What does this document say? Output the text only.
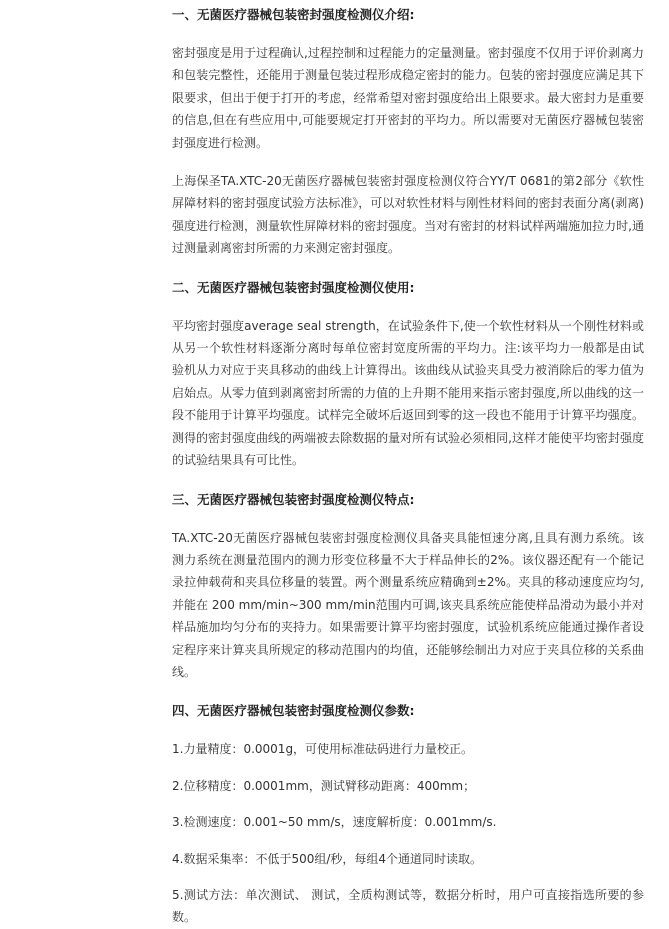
一、无菌医疗器械包装密封强度检测仪介绍:

密封强度是用于过程确认,过程控制和过程能力的定量测量。密封强度不仅用于评价剥离力和包装完整性，还能用于测量包装过程形成稳定密封的能力。包装的密封强度应满足其下限要求，但出于便于打开的考虑，经常希望对密封强度给出上限要求。最大密封力是重要的信息,但在有些应用中,可能要规定打开密封的平均力。所以需要对无菌医疗器械包装密封强度进行检测。

上海保圣TA.XTC-20无菌医疗器械包装密封强度检测仪符合YY/T 0681的第2部分《软性屏障材料的密封强度试验方法标准》，可以对软性材料与刚性材料间的密封表面分离(剥离)强度进行检测，测量软性屏障材料的密封强度。当对有密封的材料试样两端施加拉力时,通过测量剥离密封所需的力来测定密封强度。

二、无菌医疗器械包装密封强度检测仪使用:

平均密封强度average seal strength，在试验条件下,使一个软性材料从一个刚性材料或从另一个软性材料逐渐分离时每单位密封宽度所需的平均力。注:该平均力一般都是由试验机从力对应于夹具移动的曲线上计算得出。该曲线从试验夹具受力被消除后的零力值为启始点。从零力值到剥离密封所需的力值的上升期不能用来指示密封强度,所以曲线的这一段不能用于计算平均强度。试样完全破坏后返回到零的这一段也不能用于计算平均强度。测得的密封强度曲线的两端被去除数据的量对所有试验必须相同,这样才能使平均密封强度的试验结果具有可比性。

三、无菌医疗器械包装密封强度检测仪特点:

TA.XTC-20无菌医疗器械包装密封强度检测仪具备夹具能恒速分离,且具有测力系统。该测力系统在测量范围内的测力形变位移量不大于样品伸长的2%。该仪器还配有一个能记录拉伸载荷和夹具位移量的装置。两个测量系统应精确到±2%。夹具的移动速度应均匀,并能在 200 mm/min~300 mm/min范围内可调,该夹具系统应能使样品滑动为最小并对样品施加均匀分布的夹持力。如果需要计算平均密封强度，试验机系统应能通过操作者设定程序来计算夹具所规定的移动范围内的均值，还能够绘制出力对应于夹具位移的关系曲线。

四、无菌医疗器械包装密封强度检测仪参数:

1.力量精度：0.0001g，可使用标准砝码进行力量校正。

2.位移精度：0.0001mm，测试臂移动距离：400mm；

3.检测速度：0.001~50 mm/s，速度解析度：0.001mm/s.

4.数据采集率：不低于500组/秒，每组4个通道同时读取。

5.测试方法：单次测试、 测试，全质构测试等，数据分析时，用户可直接指选所要的参数。
